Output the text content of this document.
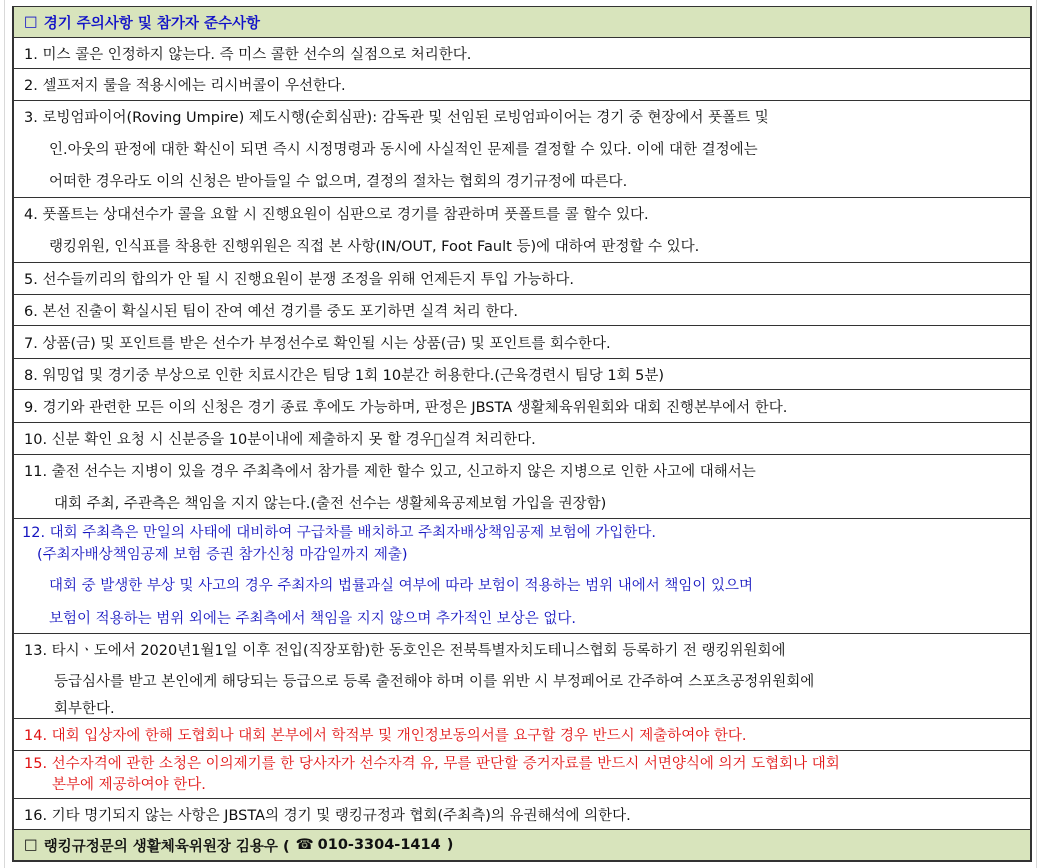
□ 경기 주의사항 및 참가자 준수사항
1. 미스 콜은 인정하지 않는다. 즉 미스 콜한 선수의 실점으로 처리한다.
2. 셀프저지 룰을 적용시에는 리시버콜이 우선한다.
3. 로빙엄파이어(Roving Umpire) 제도시행(순회심판): 감독관 및 선임된 로빙엄파이어는 경기 중 현장에서 풋폴트 및
인.아웃의 판정에 대한 확신이 되면 즉시 시정명령과 동시에 사실적인 문제를 결정할 수 있다. 이에 대한 결정에는
어떠한 경우라도 이의 신청은 받아들일 수 없으며, 결정의 절차는 협회의 경기규정에 따른다.
4. 풋폴트는 상대선수가 콜을 요할 시 진행요원이 심판으로 경기를 참관하며 풋폴트를 콜 할수 있다.
랭킹위원, 인식표를 착용한 진행위원은 직접 본 사항(IN/OUT, Foot Fault 등)에 대하여 판정할 수 있다.
5. 선수들끼리의 합의가 안 될 시 진행요원이 분쟁 조정을 위해 언제든지 투입 가능하다.
6. 본선 진출이 확실시된 팀이 잔여 예선 경기를 중도 포기하면 실격 처리 한다.
7. 상품(금) 및 포인트를 받은 선수가 부정선수로 확인될 시는 상품(금) 및 포인트를 회수한다.
8. 워밍업 및 경기중 부상으로 인한 치료시간은 팀당 1회 10분간 허용한다.(근육경련시 팀당 1회 5분)
9. 경기와 관련한 모든 이의 신청은 경기 종료 후에도 가능하며, 판정은 JBSTA 생활체육위원회와 대회 진행본부에서 한다.
10. 신분 확인 요청 시 신분증을 10분이내에 제출하지 못 할 경우 실격 처리한다.
11. 출전 선수는 지병이 있을 경우 주최측에서 참가를 제한 할수 있고, 신고하지 않은 지병으로 인한 사고에 대해서는
대회 주최, 주관측은 책임을 지지 않는다.(출전 선수는 생활체육공제보험 가입을 권장함)
12. 대회 주최측은 만일의 사태에 대비하여 구급차를 배치하고 주최자배상책임공제 보험에 가입한다.
(주최자배상책임공제 보험 증권 참가신청 마감일까지 제출)
대회 중 발생한 부상 및 사고의 경우 주최자의 법률과실 여부에 따라 보험이 적용하는 범위 내에서 책임이 있으며
보험이 적용하는 범위 외에는 주최측에서 책임을 지지 않으며 추가적인 보상은 없다.
13. 타시ㆍ도에서 2020년1월1일 이후 전입(직장포함)한 동호인은 전북특별자치도테니스협회 등록하기 전 랭킹위원회에
등급심사를 받고 본인에게 해당되는 등급으로 등록 출전해야 하며 이를 위반 시 부정페어로 간주하여 스포츠공정위원회에
회부한다.
14. 대회 입상자에 한해 도협회나 대회 본부에서 학적부 및 개인정보동의서를 요구할 경우 반드시 제출하여야 한다.
15. 선수자격에 관한 소청은 이의제기를 한 당사자가 선수자격 유, 무를 판단할 증거자료를 반드시 서면양식에 의거 도협회나 대회
본부에 제공하여야 한다.
16. 기타 명기되지 않는 사항은 JBSTA의 경기 및 랭킹규정과 협회(주최측)의 유권해석에 의한다.
□ 랭킹규정문의 생활체육위원장 김용우 ( ☎ 010-3304-1414 )
